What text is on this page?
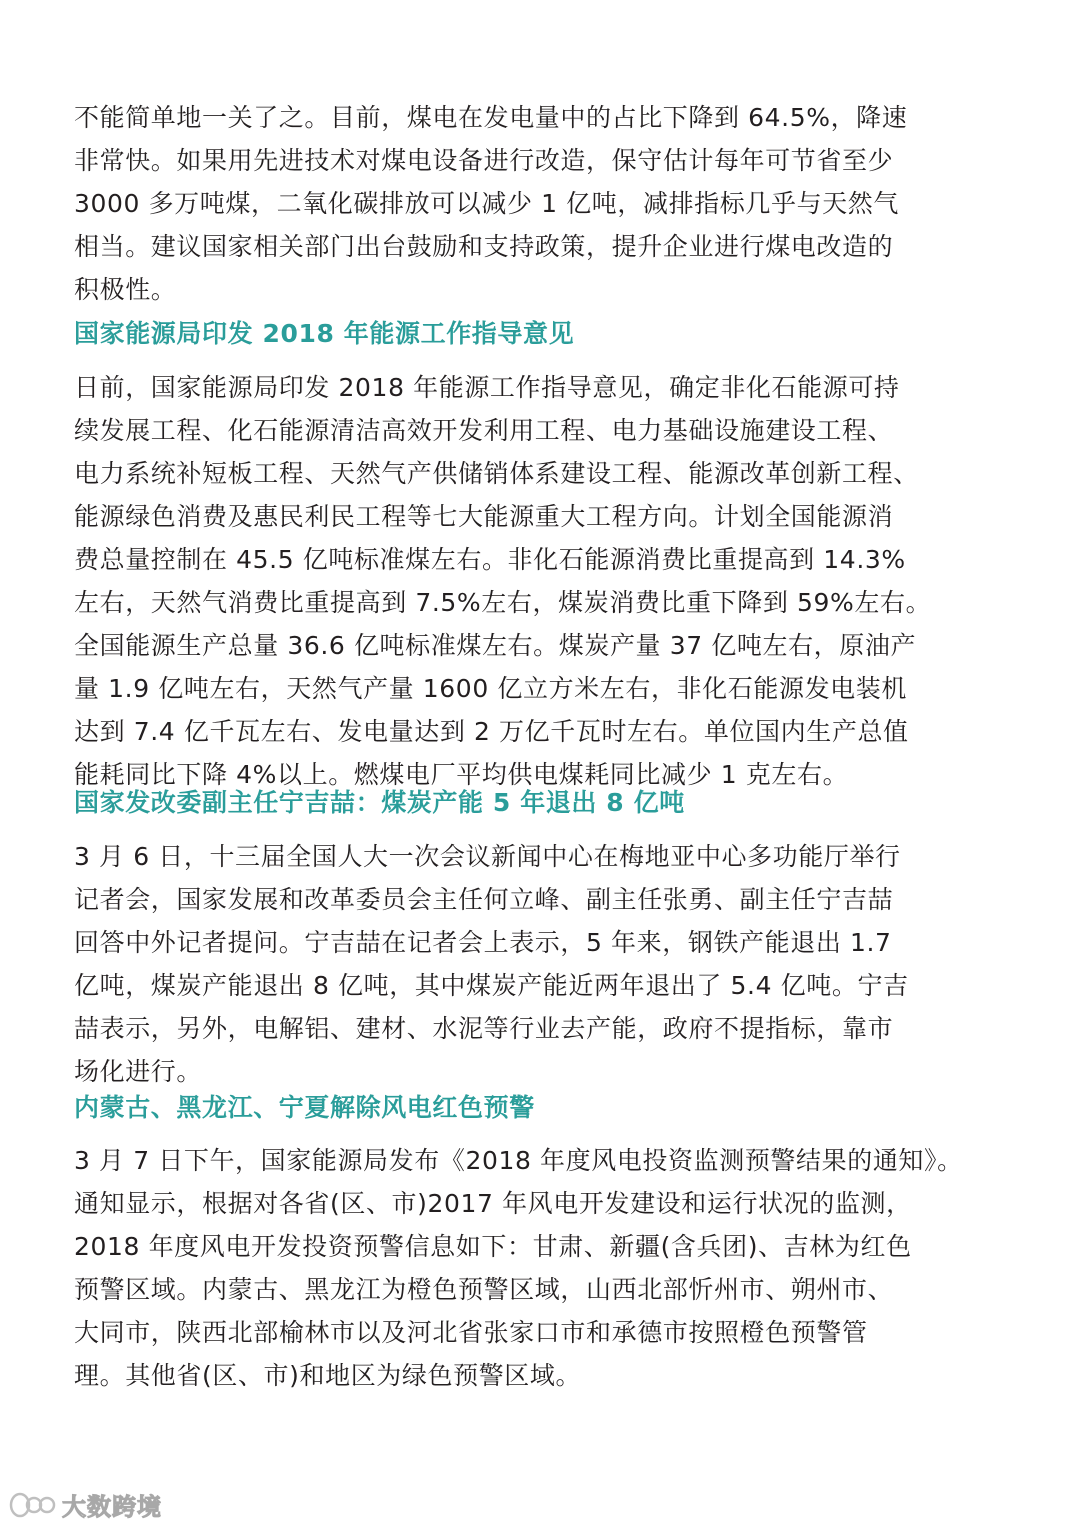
不能简单地一关了之。目前，煤电在发电量中的占比下降到 64.5%，降速
非常快。如果用先进技术对煤电设备进行改造，保守估计每年可节省至少
3000 多万吨煤，二氧化碳排放可以减少 1 亿吨，减排指标几乎与天然气
相当。建议国家相关部门出台鼓励和支持政策，提升企业进行煤电改造的
积极性。
国家能源局印发 2018 年能源工作指导意见
日前，国家能源局印发 2018 年能源工作指导意见，确定非化石能源可持
续发展工程、化石能源清洁高效开发利用工程、电力基础设施建设工程、
电力系统补短板工程、天然气产供储销体系建设工程、能源改革创新工程、
能源绿色消费及惠民利民工程等七大能源重大工程方向。计划全国能源消
费总量控制在 45.5 亿吨标准煤左右。非化石能源消费比重提高到 14.3%
左右，天然气消费比重提高到 7.5%左右，煤炭消费比重下降到 59%左右。
全国能源生产总量 36.6 亿吨标准煤左右。煤炭产量 37 亿吨左右，原油产
量 1.9 亿吨左右，天然气产量 1600 亿立方米左右，非化石能源发电装机
达到 7.4 亿千瓦左右、发电量达到 2 万亿千瓦时左右。单位国内生产总值
能耗同比下降 4%以上。燃煤电厂平均供电煤耗同比减少 1 克左右。
国家发改委副主任宁吉喆：煤炭产能 5 年退出 8 亿吨
3 月 6 日，十三届全国人大一次会议新闻中心在梅地亚中心多功能厅举行
记者会，国家发展和改革委员会主任何立峰、副主任张勇、副主任宁吉喆
回答中外记者提问。宁吉喆在记者会上表示，5 年来，钢铁产能退出 1.7
亿吨，煤炭产能退出 8 亿吨，其中煤炭产能近两年退出了 5.4 亿吨。宁吉
喆表示，另外，电解铝、建材、水泥等行业去产能，政府不提指标，靠市
场化进行。
内蒙古、黑龙江、宁夏解除风电红色预警
3 月 7 日下午，国家能源局发布《2018 年度风电投资监测预警结果的通知》。
通知显示，根据对各省(区、市)2017 年风电开发建设和运行状况的监测，
2018 年度风电开发投资预警信息如下：甘肃、新疆(含兵团)、吉林为红色
预警区域。内蒙古、黑龙江为橙色预警区域，山西北部忻州市、朔州市、
大同市，陕西北部榆林市以及河北省张家口市和承德市按照橙色预警管
理。其他省(区、市)和地区为绿色预警区域。
大数跨境
